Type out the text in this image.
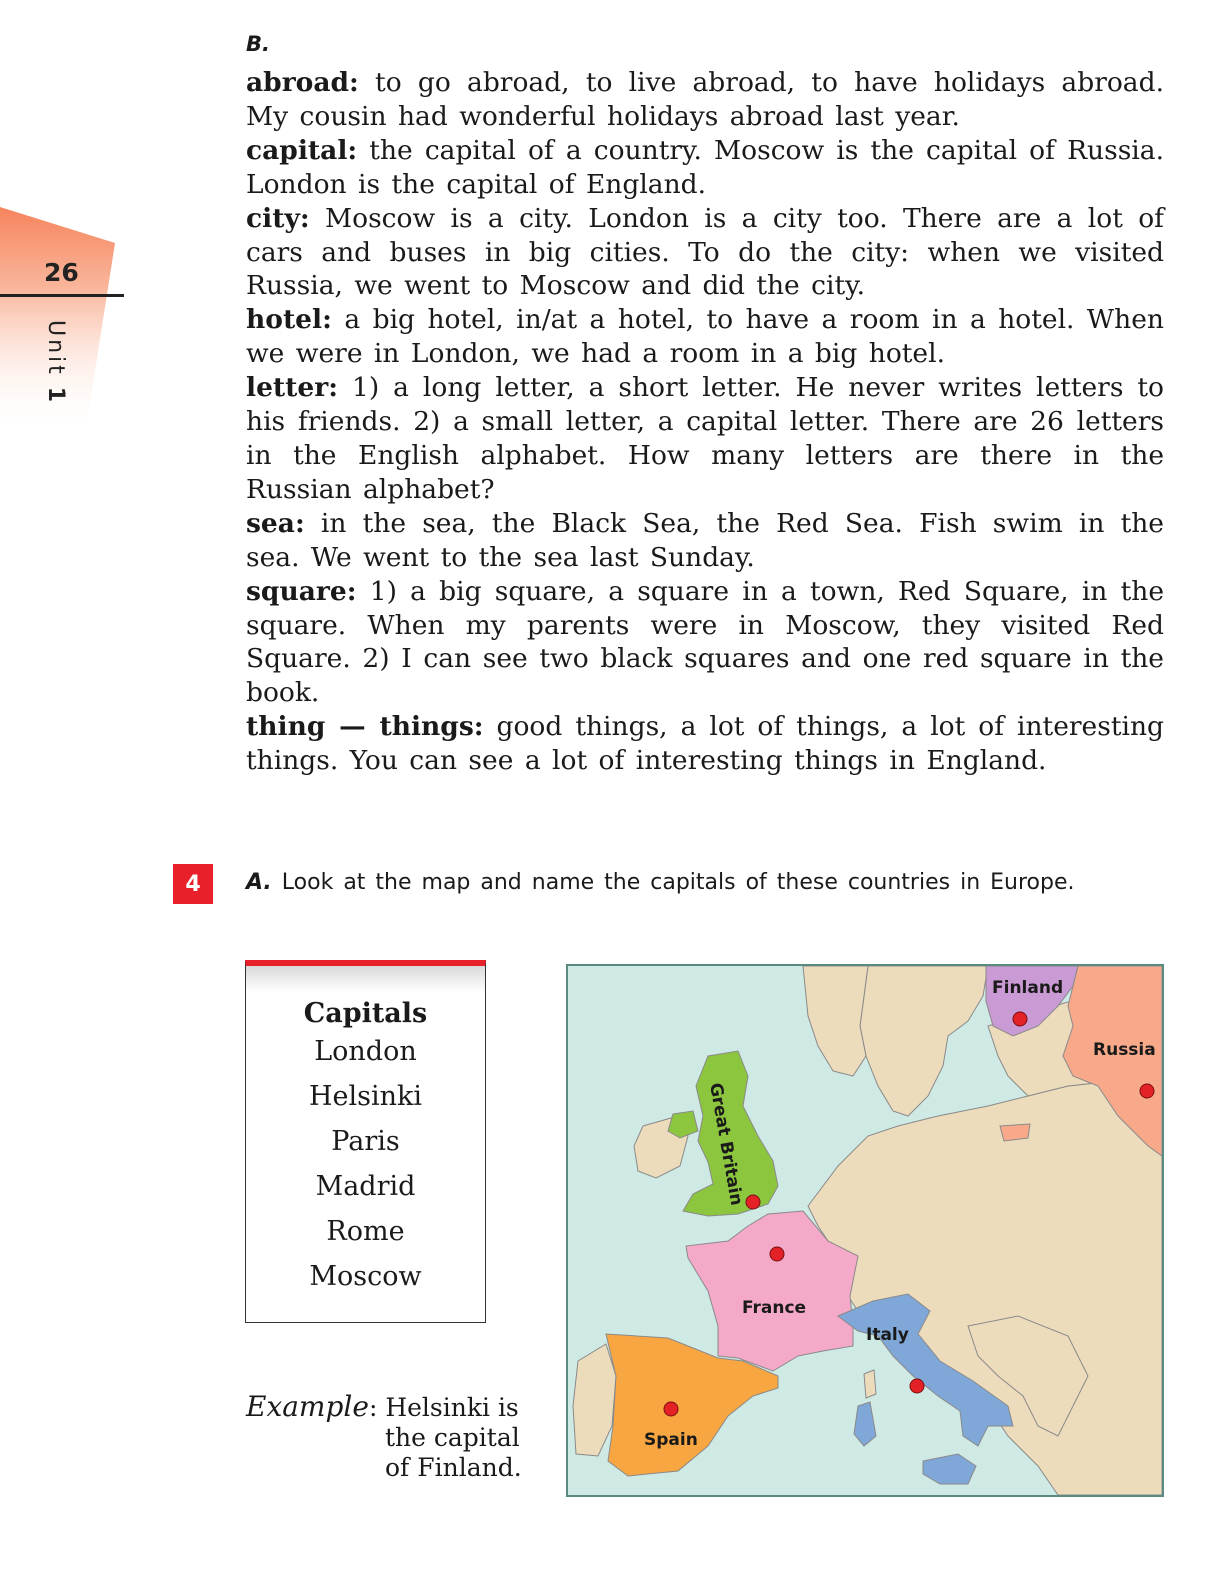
26
Unit 1
B.

abroad: to go abroad, to live abroad, to have holidays abroad. My cousin had wonderful holidays abroad last year.

capital: the capital of a country. Moscow is the capital of Russia. London is the capital of England.

city: Moscow is a city. London is a city too. There are a lot of cars and buses in big cities. To do the city: when we visited Russia, we went to Moscow and did the city.

hotel: a big hotel, in/at a hotel, to have a room in a hotel. When we were in London, we had a room in a big hotel.

letter: 1) a long letter, a short letter. He never writes letters to his friends. 2) a small letter, a capital letter. There are 26 letters in the English alphabet. How many letters are there in the Russian alphabet?

sea: in the sea, the Black Sea, the Red Sea. Fish swim in the sea. We went to the sea last Sunday.

square: 1) a big square, a square in a town, Red Square, in the square. When my parents were in Moscow, they visited Red Square. 2) I can see two black squares and one red square in the book.

thing — things: good things, a lot of things, a lot of interesting things. You can see a lot of interesting things in England.

4	A. Look at the map and name the capitals of these countries in Europe.
Capitals
London
Helsinki
Paris
Madrid
Rome
Moscow
Example: Helsinki is
the capital
of Finland.
Finland
Russia
Great Britain
France
Italy
Spain
